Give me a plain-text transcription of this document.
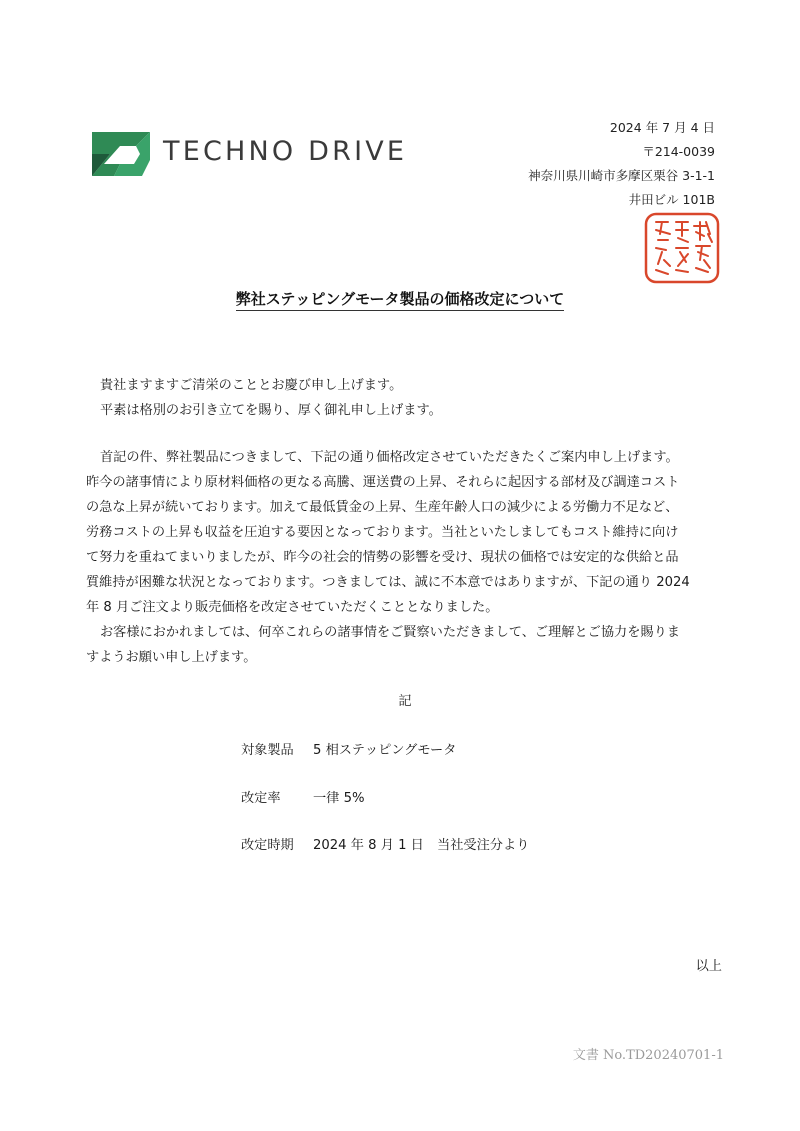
TECHNO DRIVE
2024 年 7 月 4 日
〒214-0039
神奈川県川崎市多摩区栗谷 3-1-1
井田ビル 101B
弊社ステッピングモータ製品の価格改定について
貴社ますますご清栄のこととお慶び申し上げます。
平素は格別のお引き立てを賜り、厚く御礼申し上げます。
首記の件、弊社製品につきまして、下記の通り価格改定させていただきたくご案内申し上げます。
昨今の諸事情により原材料価格の更なる高騰、運送費の上昇、それらに起因する部材及び調達コスト
の急な上昇が続いております。加えて最低賃金の上昇、生産年齢人口の減少による労働力不足など、
労務コストの上昇も収益を圧迫する要因となっております。当社といたしましてもコスト維持に向け
て努力を重ねてまいりましたが、昨今の社会的情勢の影響を受け、現状の価格では安定的な供給と品
質維持が困難な状況となっております。つきましては、誠に不本意ではありますが、下記の通り 2024
年 8 月ご注文より販売価格を改定させていただくこととなりました。
お客様におかれましては、何卒これらの諸事情をご賢察いただきまして、ご理解とご協力を賜りま
すようお願い申し上げます。
記
対象製品 5 相ステッピングモータ
改定率 一律 5%
改定時期 2024 年 8 月 1 日　当社受注分より
以上
文書 No.TD20240701-1
